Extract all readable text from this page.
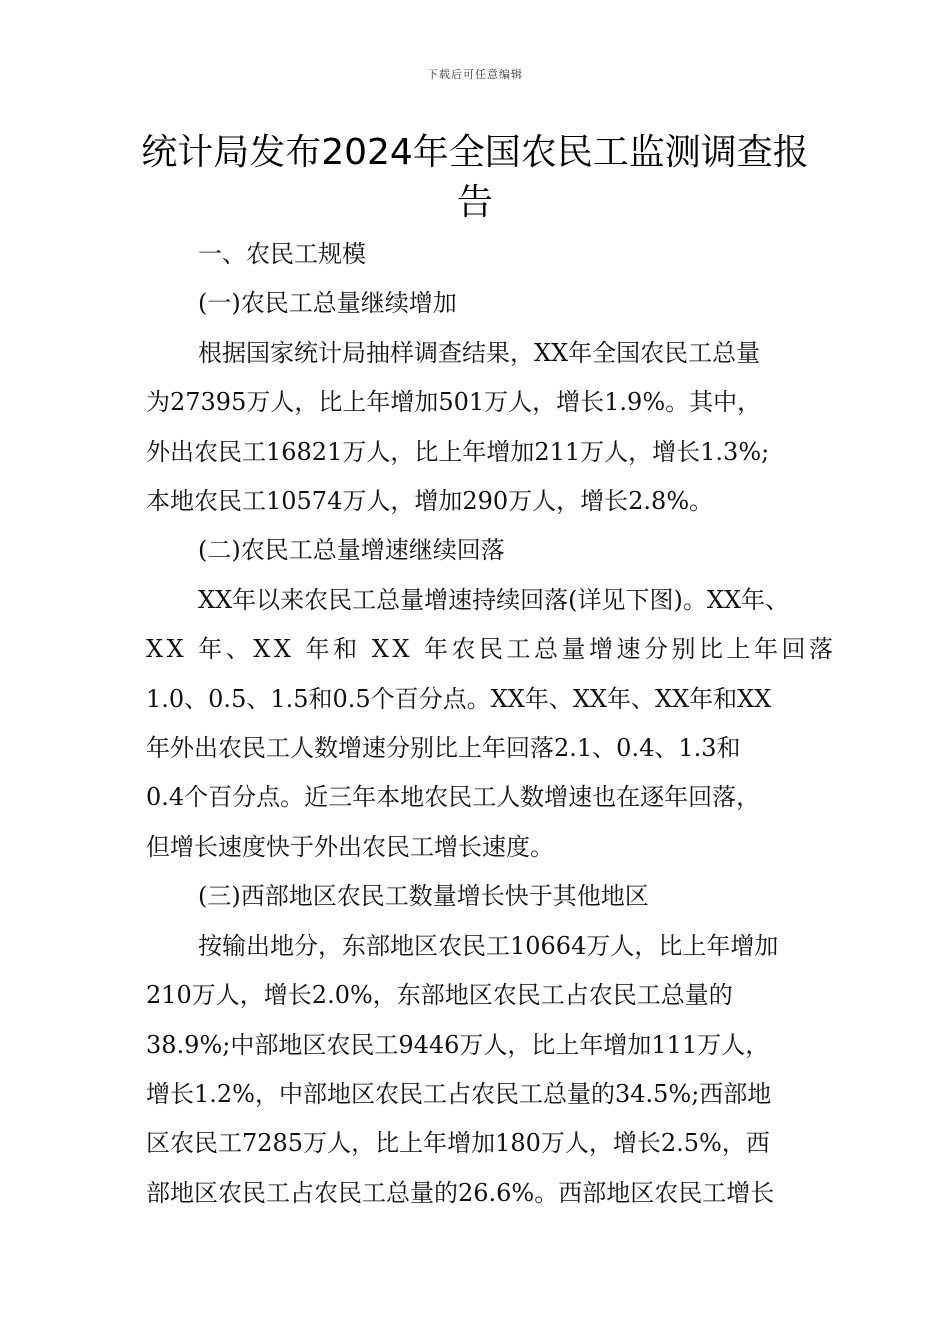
下载后可任意编辑
统计局发布2024年全国农民工监测调查报
告
一、农民工规模
(一)农民工总量继续增加
根据国家统计局抽样调查结果，XX年全国农民工总量
为27395万人，比上年增加501万人，增长1.9%。其中，
外出农民工16821万人，比上年增加211万人，增长1.3%;
本地农民工10574万人，增加290万人，增长2.8%。
(二)农民工总量增速继续回落
XX年以来农民工总量增速持续回落(详见下图)。XX年、
XX 年、XX 年和 XX 年农民工总量增速分别比上年回落
1.0、0.5、1.5和0.5个百分点。XX年、XX年、XX年和XX
年外出农民工人数增速分别比上年回落2.1、0.4、1.3和
0.4个百分点。近三年本地农民工人数增速也在逐年回落，
但增长速度快于外出农民工增长速度。
(三)西部地区农民工数量增长快于其他地区
按输出地分，东部地区农民工10664万人，比上年增加
210万人，增长2.0%，东部地区农民工占农民工总量的
38.9%;中部地区农民工9446万人，比上年增加111万人，
增长1.2%，中部地区农民工占农民工总量的34.5%;西部地
区农民工7285万人，比上年增加180万人，增长2.5%，西
部地区农民工占农民工总量的26.6%。西部地区农民工增长
